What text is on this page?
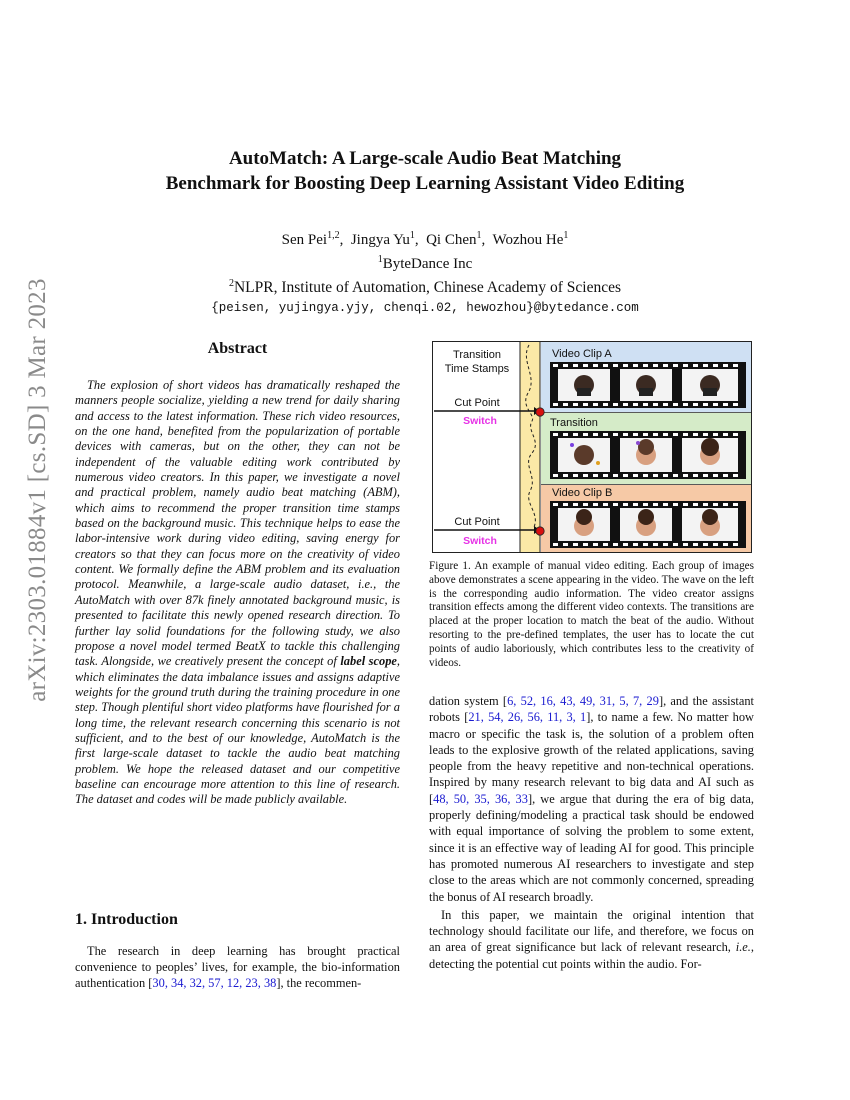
arXiv:2303.01884v1 [cs.SD] 3 Mar 2023
AutoMatch: A Large-scale Audio Beat Matching
Benchmark for Boosting Deep Learning Assistant Video Editing
Sen Pei$^{1,2}$,  Jingya Yu$^1$,  Qi Chen$^1$,  Wozhou He$^1$
$^1$ByteDance Inc
$^2$NLPR, Institute of Automation, Chinese Academy of Sciences
{peisen, yujingya.yjy, chenqi.02, hewozhou}@bytedance.com
Abstract
The explosion of short videos has dramatically reshaped the manners people socialize, yielding a new trend for daily sharing and access to the latest information. These rich video resources, on the one hand, benefited from the popularization of portable devices with cameras, but on the other, they can not be independent of the valuable editing work contributed by numerous video creators. In this paper, we investigate a novel and practical problem, namely audio beat matching (ABM), which aims to recommend the proper transition time stamps based on the background music. This technique helps to ease the labor-intensive work during video editing, saving energy for creators so that they can focus more on the creativity of video content. We formally define the ABM problem and its evaluation protocol. Meanwhile, a large-scale audio dataset, i.e., the AutoMatch with over 87k finely annotated background music, is presented to facilitate this newly opened research direction. To further lay solid foundations for the following study, we also propose a novel model termed BeatX to tackle this challenging task. Alongside, we creatively present the concept of label scope, which eliminates the data imbalance issues and assigns adaptive weights for the ground truth during the training procedure in one step. Though plentiful short video platforms have flourished for a long time, the relevant research concerning this scenario is not sufficient, and to the best of our knowledge, AutoMatch is the first large-scale dataset to tackle the audio beat matching problem. We hope the released dataset and our competitive baseline can encourage more attention to this line of research. The dataset and codes will be made publicly available.
1. Introduction
The research in deep learning has brought practical convenience to peoples’ lives, for example, the bio-information authentication [30, 34, 32, 57, 12, 23, 38], the recommen-
Transition
Time Stamps
Cut Point
Switch
Cut Point
Switch
Video Clip A
Transition
Video Clip B
Figure 1. An example of manual video editing. Each group of images above demonstrates a scene appearing in the video. The wave on the left is the corresponding audio information. The video creator assigns transition effects among the different video contexts. The transitions are placed at the proper location to match the beat of the audio. Without resorting to the pre-defined templates, the user has to locate the cut points of audio laboriously, which contributes less to the creativity of videos.

dation system [6, 52, 16, 43, 49, 31, 5, 7, 29], and the assistant robots [21, 54, 26, 56, 11, 3, 1], to name a few. No matter how macro or specific the task is, the solution of a problem often leads to the explosive growth of the related applications, saving people from the heavy repetitive and non-technical operations. Inspired by many research relevant to big data and AI such as [48, 50, 35, 36, 33], we argue that during the era of big data, properly defining/modeling a practical task should be endowed with equal importance of solving the problem to some extent, since it is an effective way of leading AI for good. This principle has promoted numerous AI researchers to investigate and step close to the areas which are not commonly concerned, spreading the bonus of AI research broadly.

In this paper, we maintain the original intention that technology should facilitate our life, and therefore, we focus on an area of great significance but lack of relevant research, i.e., detecting the potential cut points within the audio. For-
